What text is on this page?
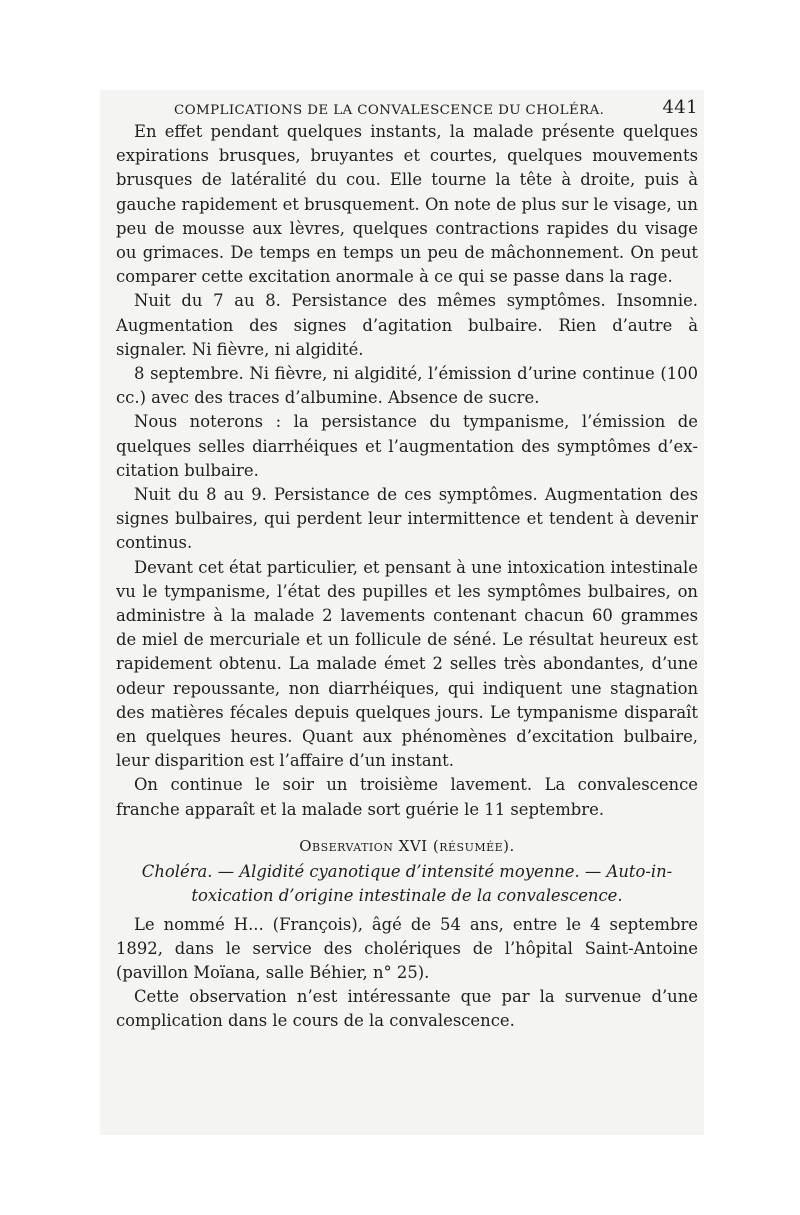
COMPLICATIONS DE LA CONVALESCENCE DU CHOLÉRA.	441

En effet pendant quelques instants, la malade présente quelques expirations brusques, bruyantes et courtes, quelques mouvements brusques de latéralité du cou. Elle tourne la tête à droite, puis à gauche rapidement et brusquement. On note de plus sur le visage, un peu de mousse aux lèvres, quelques contractions rapides du visage ou grimaces. De temps en temps un peu de mâchonnement. On peut comparer cette excitation anormale à ce qui se passe dans la rage.

Nuit du 7 au 8. Persistance des mêmes symptômes. Insomnie. Augmentation des signes d’agitation bulbaire. Rien d’autre à signaler. Ni fièvre, ni algidité.

8 septembre. Ni fièvre, ni algidité, l’émission d’urine continue (100 cc.) avec des traces d’albumine. Absence de sucre.

Nous noterons : la persistance du tympanisme, l’émission de quelques selles diarrhéiques et l’augmentation des symptômes d’excitation bulbaire.

Nuit du 8 au 9. Persistance de ces symptômes. Augmentation des signes bulbaires, qui perdent leur intermittence et tendent à devenir continus.

Devant cet état particulier, et pensant à une intoxication intestinale vu le tympanisme, l’état des pupilles et les symptômes bulbaires, on administre à la malade 2 lavements contenant chacun 60 grammes de miel de mercuriale et un follicule de séné. Le résultat heureux est rapidement obtenu. La malade émet 2 selles très abondantes, d’une odeur repoussante, non diarrhéiques, qui indiquent une stagnation des matières fécales depuis quelques jours. Le tympanisme disparaît en quelques heures. Quant aux phénomènes d’excitation bulbaire, leur disparition est l’affaire d’un instant.

On continue le soir un troisième lavement. La convalescence franche apparaît et la malade sort guérie le 11 septembre.

Observation XVI (résumée).
Choléra. — Algidité cyanotique d’intensité moyenne. — Auto-in-
toxication d’origine intestinale de la convalescence.

Le nommé H... (François), âgé de 54 ans, entre le 4 septembre 1892, dans le service des cholériques de l’hôpital Saint-Antoine (pavillon Moïana, salle Béhier, n° 25).

Cette observation n’est intéressante que par la survenue d’une complication dans le cours de la convalescence.
